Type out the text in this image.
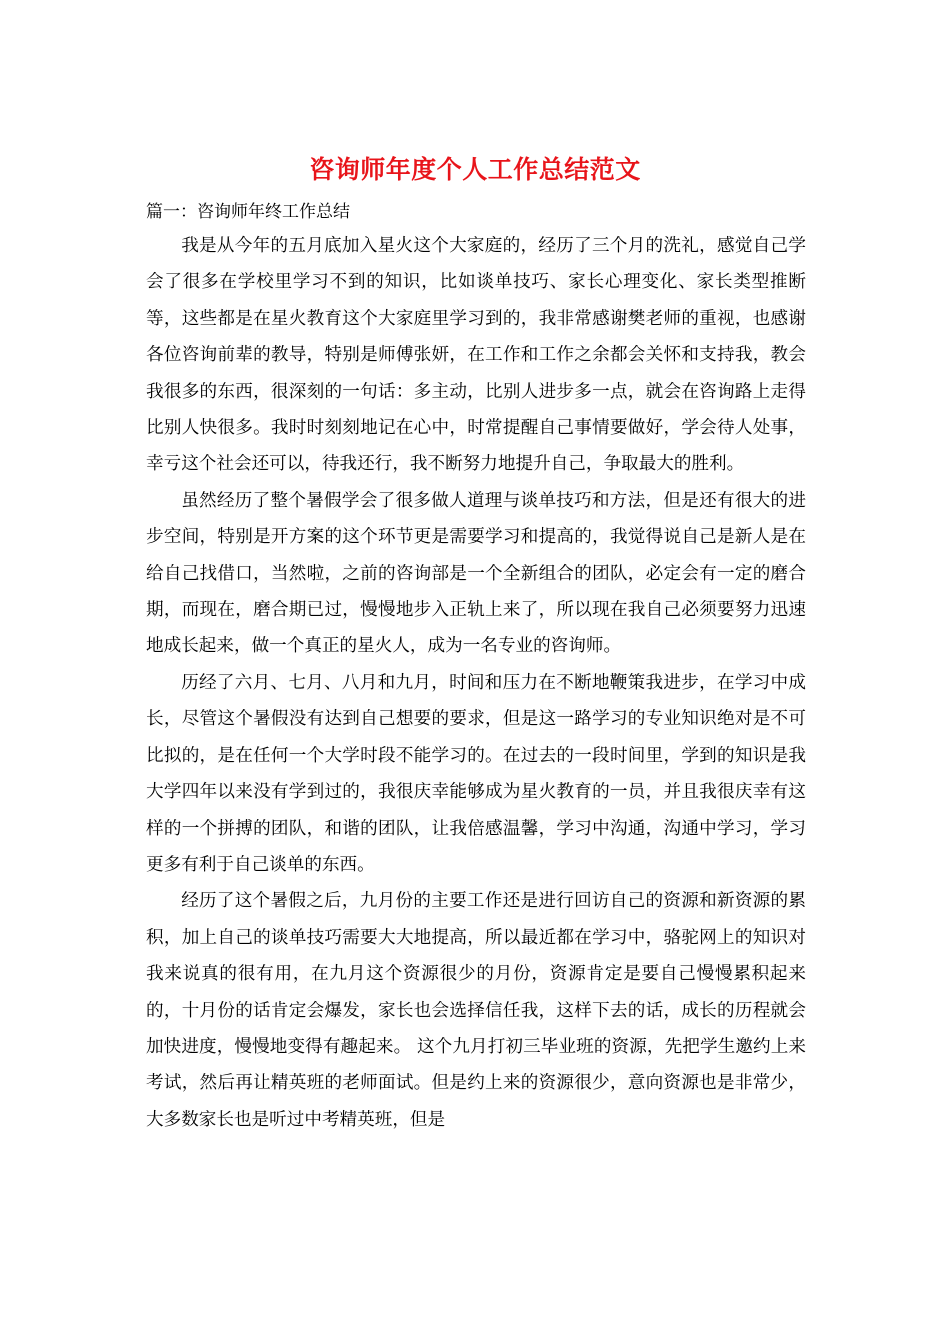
咨询师年度个人工作总结范文
篇一：咨询师年终工作总结

我是从今年的五月底加入星火这个大家庭的，经历了三个月的洗礼，感觉自己学会了很多在学校里学习不到的知识，比如谈单技巧、家长心理变化、家长类型推断等，这些都是在星火教育这个大家庭里学习到的，我非常感谢樊老师的重视，也感谢各位咨询前辈的教导，特别是师傅张妍，在工作和工作之余都会关怀和支持我，教会我很多的东西，很深刻的一句话：多主动，比别人进步多一点，就会在咨询路上走得比别人快很多。我时时刻刻地记在心中，时常提醒自己事情要做好，学会待人处事，幸亏这个社会还可以，待我还行，我不断努力地提升自己，争取最大的胜利。

虽然经历了整个暑假学会了很多做人道理与谈单技巧和方法，但是还有很大的进步空间，特别是开方案的这个环节更是需要学习和提高的，我觉得说自己是新人是在给自己找借口，当然啦，之前的咨询部是一个全新组合的团队，必定会有一定的磨合期，而现在，磨合期已过，慢慢地步入正轨上来了，所以现在我自己必须要努力迅速地成长起来，做一个真正的星火人，成为一名专业的咨询师。

历经了六月、七月、八月和九月，时间和压力在不断地鞭策我进步，在学习中成长，尽管这个暑假没有达到自己想要的要求，但是这一路学习的专业知识绝对是不可比拟的，是在任何一个大学时段不能学习的。在过去的一段时间里，学到的知识是我大学四年以来没有学到过的，我很庆幸能够成为星火教育的一员，并且我很庆幸有这样的一个拼搏的团队，和谐的团队，让我倍感温馨，学习中沟通，沟通中学习，学习更多有利于自己谈单的东西。

经历了这个暑假之后，九月份的主要工作还是进行回访自己的资源和新资源的累积，加上自己的谈单技巧需要大大地提高，所以最近都在学习中，骆驼网上的知识对我来说真的很有用，在九月这个资源很少的月份，资源肯定是要自己慢慢累积起来的，十月份的话肯定会爆发，家长也会选择信任我，这样下去的话，成长的历程就会加快进度，慢慢地变得有趣起来。 这个九月打初三毕业班的资源，先把学生邀约上来考试，然后再让精英班的老师面试。但是约上来的资源很少，意向资源也是非常少，大多数家长也是听过中考精英班，但是
